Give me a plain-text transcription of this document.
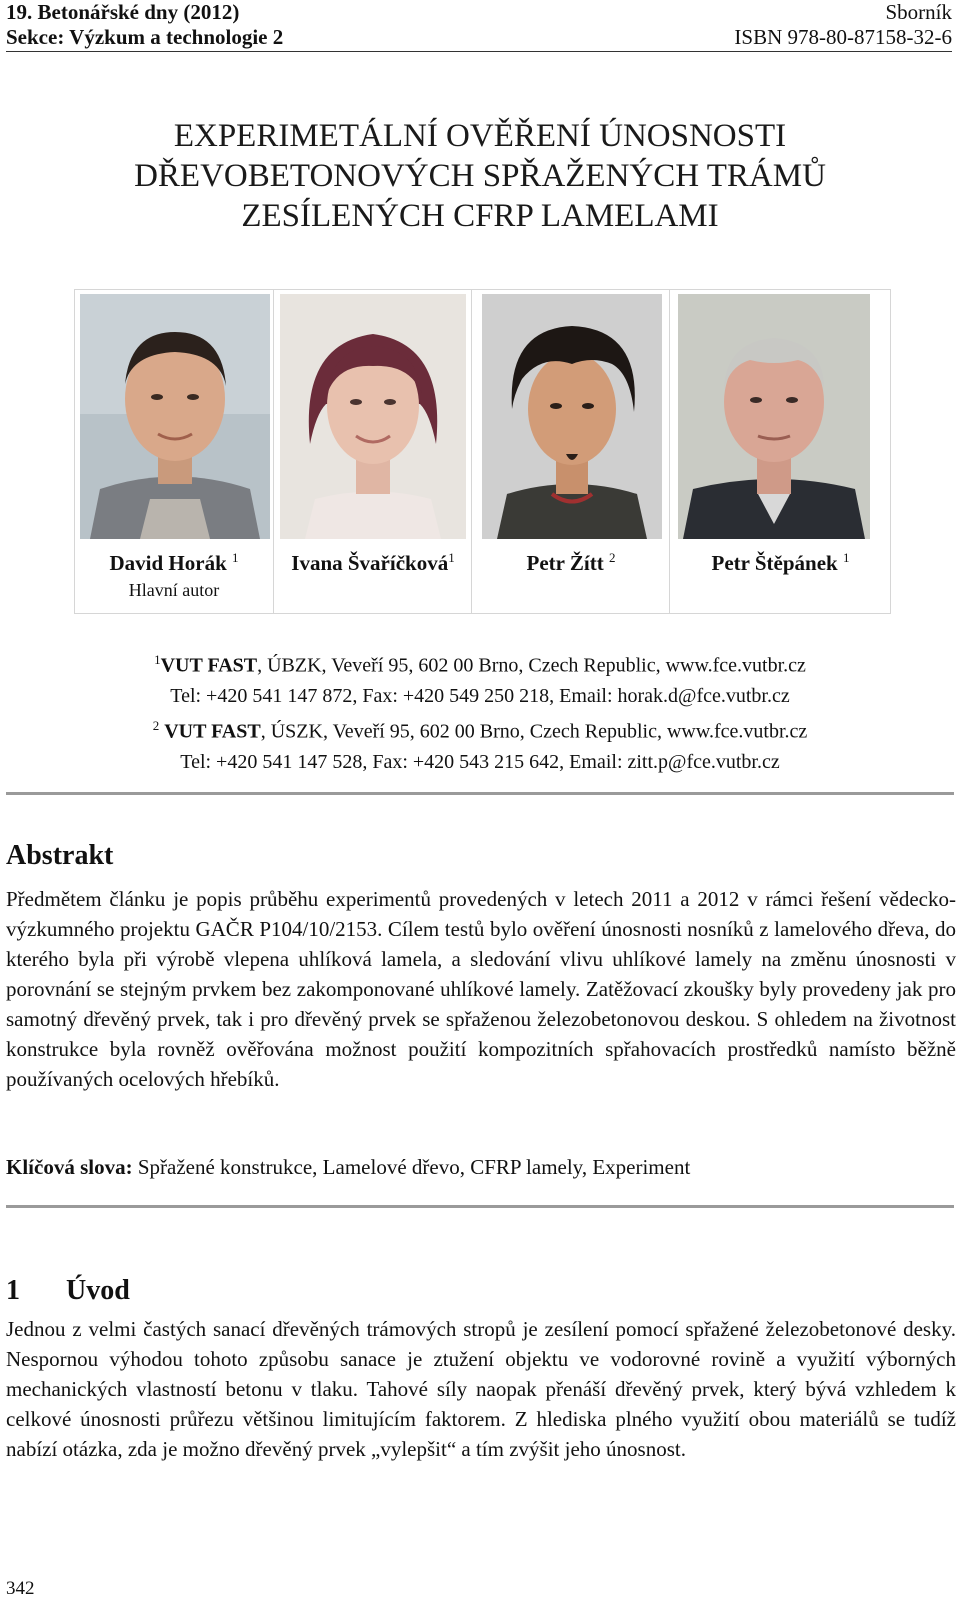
19. Betonářské dny (2012)
Sekce: Výzkum a technologie 2
Sborník
ISBN 978-80-87158-32-6
EXPERIMETÁLNÍ OVĚŘENÍ ÚNOSNOSTI
DŘEVOBETONOVÝCH SPŘAŽENÝCH TRÁMŮ
ZESÍLENÝCH CFRP LAMELAMI
David Horák $^1$
Hlavní autor
Ivana Švaříčková$^1$	Petr Žítt $^2$	Petr Štěpánek $^1$
$^1$VUT FAST, ÚBZK, Veveří 95, 602 00 Brno, Czech Republic, www.fce.vutbr.cz
Tel: +420 541 147 872, Fax: +420 549 250 218, Email: horak.d@fce.vutbr.cz
$^2$ VUT FAST, ÚSZK, Veveří 95, 602 00 Brno, Czech Republic, www.fce.vutbr.cz
Tel: +420 541 147 528, Fax: +420 543 215 642, Email: zitt.p@fce.vutbr.cz
Abstrakt
Předmětem článku je popis průběhu experimentů provedených v letech 2011 a 2012 v rámci řešení vědecko-výzkumného projektu GAČR P104/10/2153. Cílem testů bylo ověření únosnosti nosníků z lamelového dřeva, do kterého byla při výrobě vlepena uhlíková lamela, a sledování vlivu uhlíkové lamely na změnu únosnosti v porovnání se stejným prvkem bez zakomponované uhlíkové lamely. Zatěžovací zkoušky byly provedeny jak pro samotný dřevěný prvek, tak i pro dřevěný prvek se spřaženou železobetonovou deskou. S ohledem na životnost konstrukce byla rovněž ověřována možnost použití kompozitních spřahovacích prostředků namísto běžně používaných ocelových hřebíků.
Klíčová slova: Spřažené konstrukce, Lamelové dřevo, CFRP lamely, Experiment
1 Úvod
Jednou z velmi častých sanací dřevěných trámových stropů je zesílení pomocí spřažené železobetonové desky. Nespornou výhodou tohoto způsobu sanace je ztužení objektu ve vodorovné rovině a využití výborných mechanických vlastností betonu v tlaku. Tahové síly naopak přenáší dřevěný prvek, který bývá vzhledem k celkové únosnosti průřezu většinou limitujícím faktorem. Z hlediska plného využití obou materiálů se tudíž nabízí otázka, zda je možno dřevěný prvek „vylepšit“ a tím zvýšit jeho únosnost.
342
